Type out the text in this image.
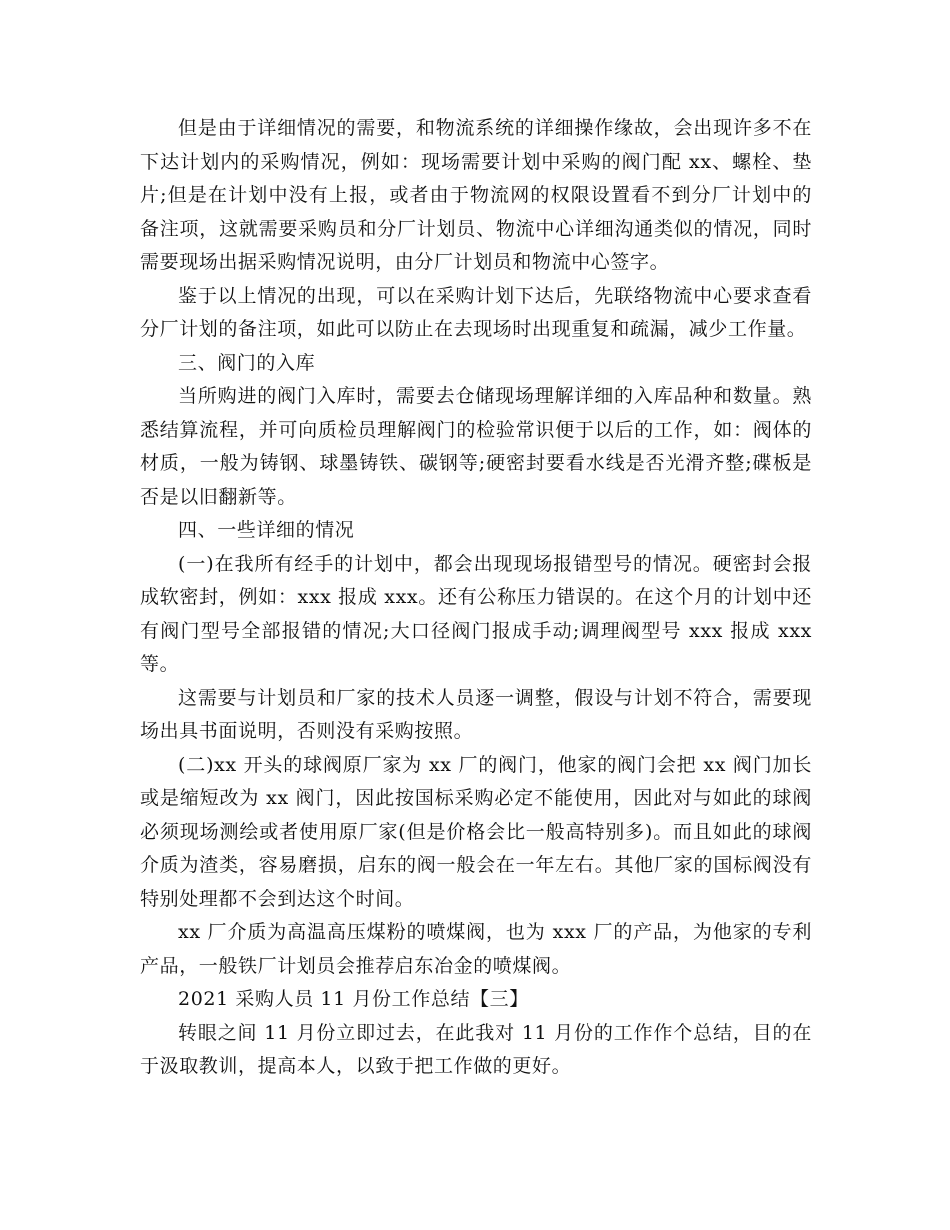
但是由于详细情况的需要，和物流系统的详细操作缘故，会出现许多不在下达计划内的采购情况，例如：现场需要计划中采购的阀门配 xx、螺栓、垫片;但是在计划中没有上报，或者由于物流网的权限设置看不到分厂计划中的备注项，这就需要采购员和分厂计划员、物流中心详细沟通类似的情况，同时需要现场出据采购情况说明，由分厂计划员和物流中心签字。

鉴于以上情况的出现，可以在采购计划下达后，先联络物流中心要求查看分厂计划的备注项，如此可以防止在去现场时出现重复和疏漏，减少工作量。

三、阀门的入库

当所购进的阀门入库时，需要去仓储现场理解详细的入库品种和数量。熟悉结算流程，并可向质检员理解阀门的检验常识便于以后的工作，如：阀体的材质，一般为铸钢、球墨铸铁、碳钢等;硬密封要看水线是否光滑齐整;碟板是否是以旧翻新等。

四、一些详细的情况

(一)在我所有经手的计划中，都会出现现场报错型号的情况。硬密封会报成软密封，例如：xxx 报成 xxx。还有公称压力错误的。在这个月的计划中还有阀门型号全部报错的情况;大口径阀门报成手动;调理阀型号 xxx 报成 xxx 等。

这需要与计划员和厂家的技术人员逐一调整，假设与计划不符合，需要现场出具书面说明，否则没有采购按照。

(二)xx 开头的球阀原厂家为 xx 厂的阀门，他家的阀门会把 xx 阀门加长或是缩短改为 xx 阀门，因此按国标采购必定不能使用，因此对与如此的球阀必须现场测绘或者使用原厂家(但是价格会比一般高特别多)。而且如此的球阀介质为渣类，容易磨损，启东的阀一般会在一年左右。其他厂家的国标阀没有特别处理都不会到达这个时间。

xx 厂介质为高温高压煤粉的喷煤阀，也为 xxx 厂的产品，为他家的专利产品，一般铁厂计划员会推荐启东冶金的喷煤阀。

2021 采购人员 11 月份工作总结【三】

转眼之间 11 月份立即过去，在此我对 11 月份的工作作个总结，目的在于汲取教训，提高本人，以致于把工作做的更好。
